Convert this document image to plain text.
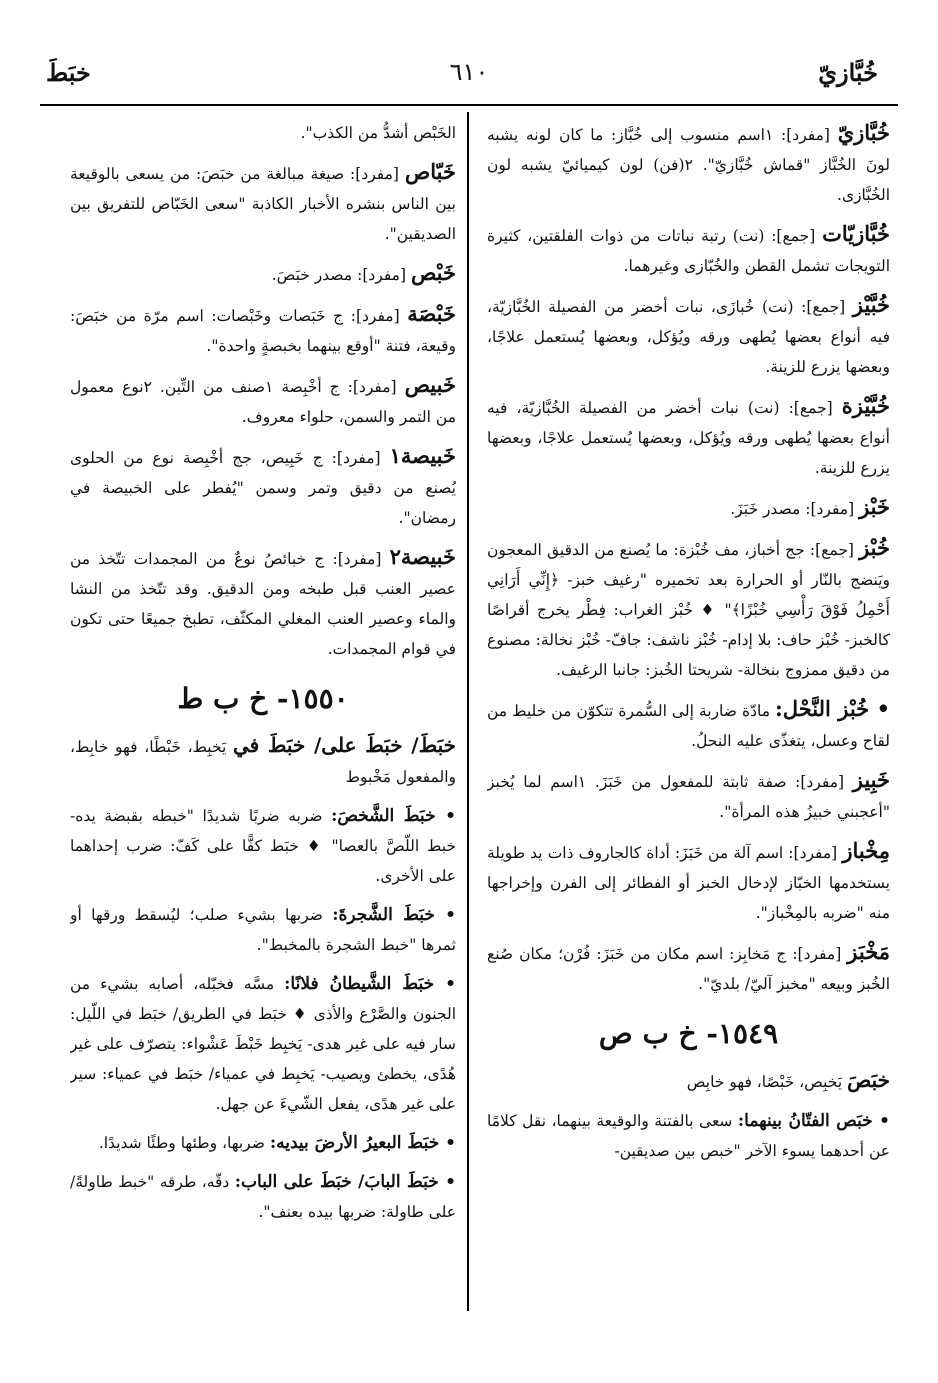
خُبَّازيّ
٦١٠
خبَطَ
خُبَّازيّ [مفرد]: ١اسم منسوب إلى خُبَّاز: ما كان لونه يشبه لونَ الخُبَّاز "قماش خُبَّازيّ". ٢(فن) لون كيميائيّ يشبه لون الخُبَّازى.
خُبَّازيّات [جمع]: (نت) رتبة نباتات من ذوات الفلقتين، كثيرة التويجات تشمل القطن والخُبّازى وغيرهما.
خُبَّيْز [جمع]: (نت) خُبازَى، نبات أخضر من الفصيلة الخُبَّازيّة، فيه أنواع بعضها يُطهى ورقه ويُؤكل، وبعضها يُستعمل علاجًا، وبعضها يزرع للزينة.
خُبَّيْزة [جمع]: (نت) نبات أخضر من الفصيلة الخُبَّازيّة، فيه أنواع بعضها يُطهى ورقه ويُؤكل، وبعضها يُستعمل علاجًا، وبعضها يزرع للزينة.
خَبْز [مفرد]: مصدر خَبَزَ.
خُبْز [جمع]: جج أخباز، مف خُبْزة: ما يُصنع من الدقيق المعجون ويَنضج بالنّار أو الحرارة بعد تخميره "رغيف خبز- ﴿إِنِّي أَرَانِي أَحْمِلُ فَوْقَ رَأْسِي خُبْزًا﴾" ♦ خُبْز الغراب: فِطْر يخرج أقراصًا كالخبز- خُبْز حاف: بلا إدام- خُبْز ناشف: جافّ- خُبْز نخالة: مصنوع من دقيق ممزوج بنخالة- شريحتا الخُبز: جانبا الرغيف.
• خُبْز النَّحْل: مادّة ضاربة إلى السُّمرة تتكوّن من خليط من لقاح وعسل، يتغذّى عليه النحلُ.
خَبِيز [مفرد]: صفة ثابتة للمفعول من خَبَزَ. ١اسم لما يُخبز "أعجبني خبيزُ هذه المرأة".
مِخْباز [مفرد]: اسم آلة من خَبَزَ: أداة كالجاروف ذات يد طويلة يستخدمها الخبّاز لإدخال الخبز أو الفطائر إلى الفرن وإخراجها منه "ضربه بالمِخْباز".
مَخْبَز [مفرد]: ج مَخابِز: اسم مكان من خَبَزَ: فُرْن؛ مكان صُنع الخُبز وبيعه "مخبز آليّ/ بلديّ".
١٥٤٩- خ ب ص
خبَصَ يَخبِص، خَبْصًا، فهو خابِص
• خبَص الفتّانُ بينهما: سعى بالفتنة والوقيعة بينهما، نقل كلامًا عن أحدهما يسوء الآخر "خبص بين صديقين-
الخَبْص أشدُّ من الكذب".
خَبّاص [مفرد]: صيغة مبالغة من خبَصَ: من يسعى بالوقيعة بين الناس بنشره الأخبار الكاذبة "سعى الخَبّاص للتفريق بين الصديقين".
خَبْص [مفرد]: مصدر خبَصَ.
خَبْصَة [مفرد]: ج خَبَصات وخَبْصات: اسم مرّة من خبَصَ: وقيعة، فتنة "أوقع بينهما بخبصةٍ واحدة".
خَبيص [مفرد]: ج أخْبِصة ١صنف من التِّين. ٢نوع معمول من التمر والسمن، حلواء معروف.
خَبيصة١ [مفرد]: ج خَبِيص، جج أخْبِصة نوع من الحلوى يُصنع من دقيق وتمر وسمن "يُفطر على الخبيصة في رمضان".
خَبيصة٢ [مفرد]: ج خبائصُ نوعٌ من المجمدات تتّخذ من عصير العنب قبل طبخه ومن الدقيق. وقد تتّخذ من النشا والماء وعصير العنب المغلي المكثّف، تطبخ جميعًا حتى تكون في قوام المجمدات.
١٥٥٠- خ ب ط
خبَطَ/ خبَطَ على/ خبَطَ في يَخبِط، خَبْطًا، فهو خابِط، والمفعول مَخْبوط
• خبَطَ الشَّخصَ: ضربه ضربًا شديدًا "خبطه بقبضة يده- خبط اللّصَّ بالعصا" ♦ خبَط كفًّا على كَفّ: ضرب إحداهما على الأخرى.
• خبَطَ الشَّجرةَ: ضربها بشيء صلب؛ ليُسقط ورقها أو ثمرها "خبط الشجرة بالمخبط".
• خبَطَ الشَّيطانُ فلانًا: مسَّه فخبّله، أصابه بشيء من الجنون والصَّرْع والأذى ♦ خبَط في الطريق/ خبَط في اللّيل: سار فيه على غير هدى- يَخبِط خَبْطَ عَشْواء: يتصرّف على غير هُدًى، يخطئ ويصيب- يَخبِط في عمياء/ خبَط في عمياء: سير على غير هدًى، يفعل الشّيءَ عن جهل.
• خبَطَ البعيرُ الأرضَ بيديه: ضربها، وطئها وطئًا شديدًا.
• خبَطَ البابَ/ خبَطَ على الباب: دقّه، طرقه "خبط طاولةً/ على طاولة: ضربها بيده بعنف".
